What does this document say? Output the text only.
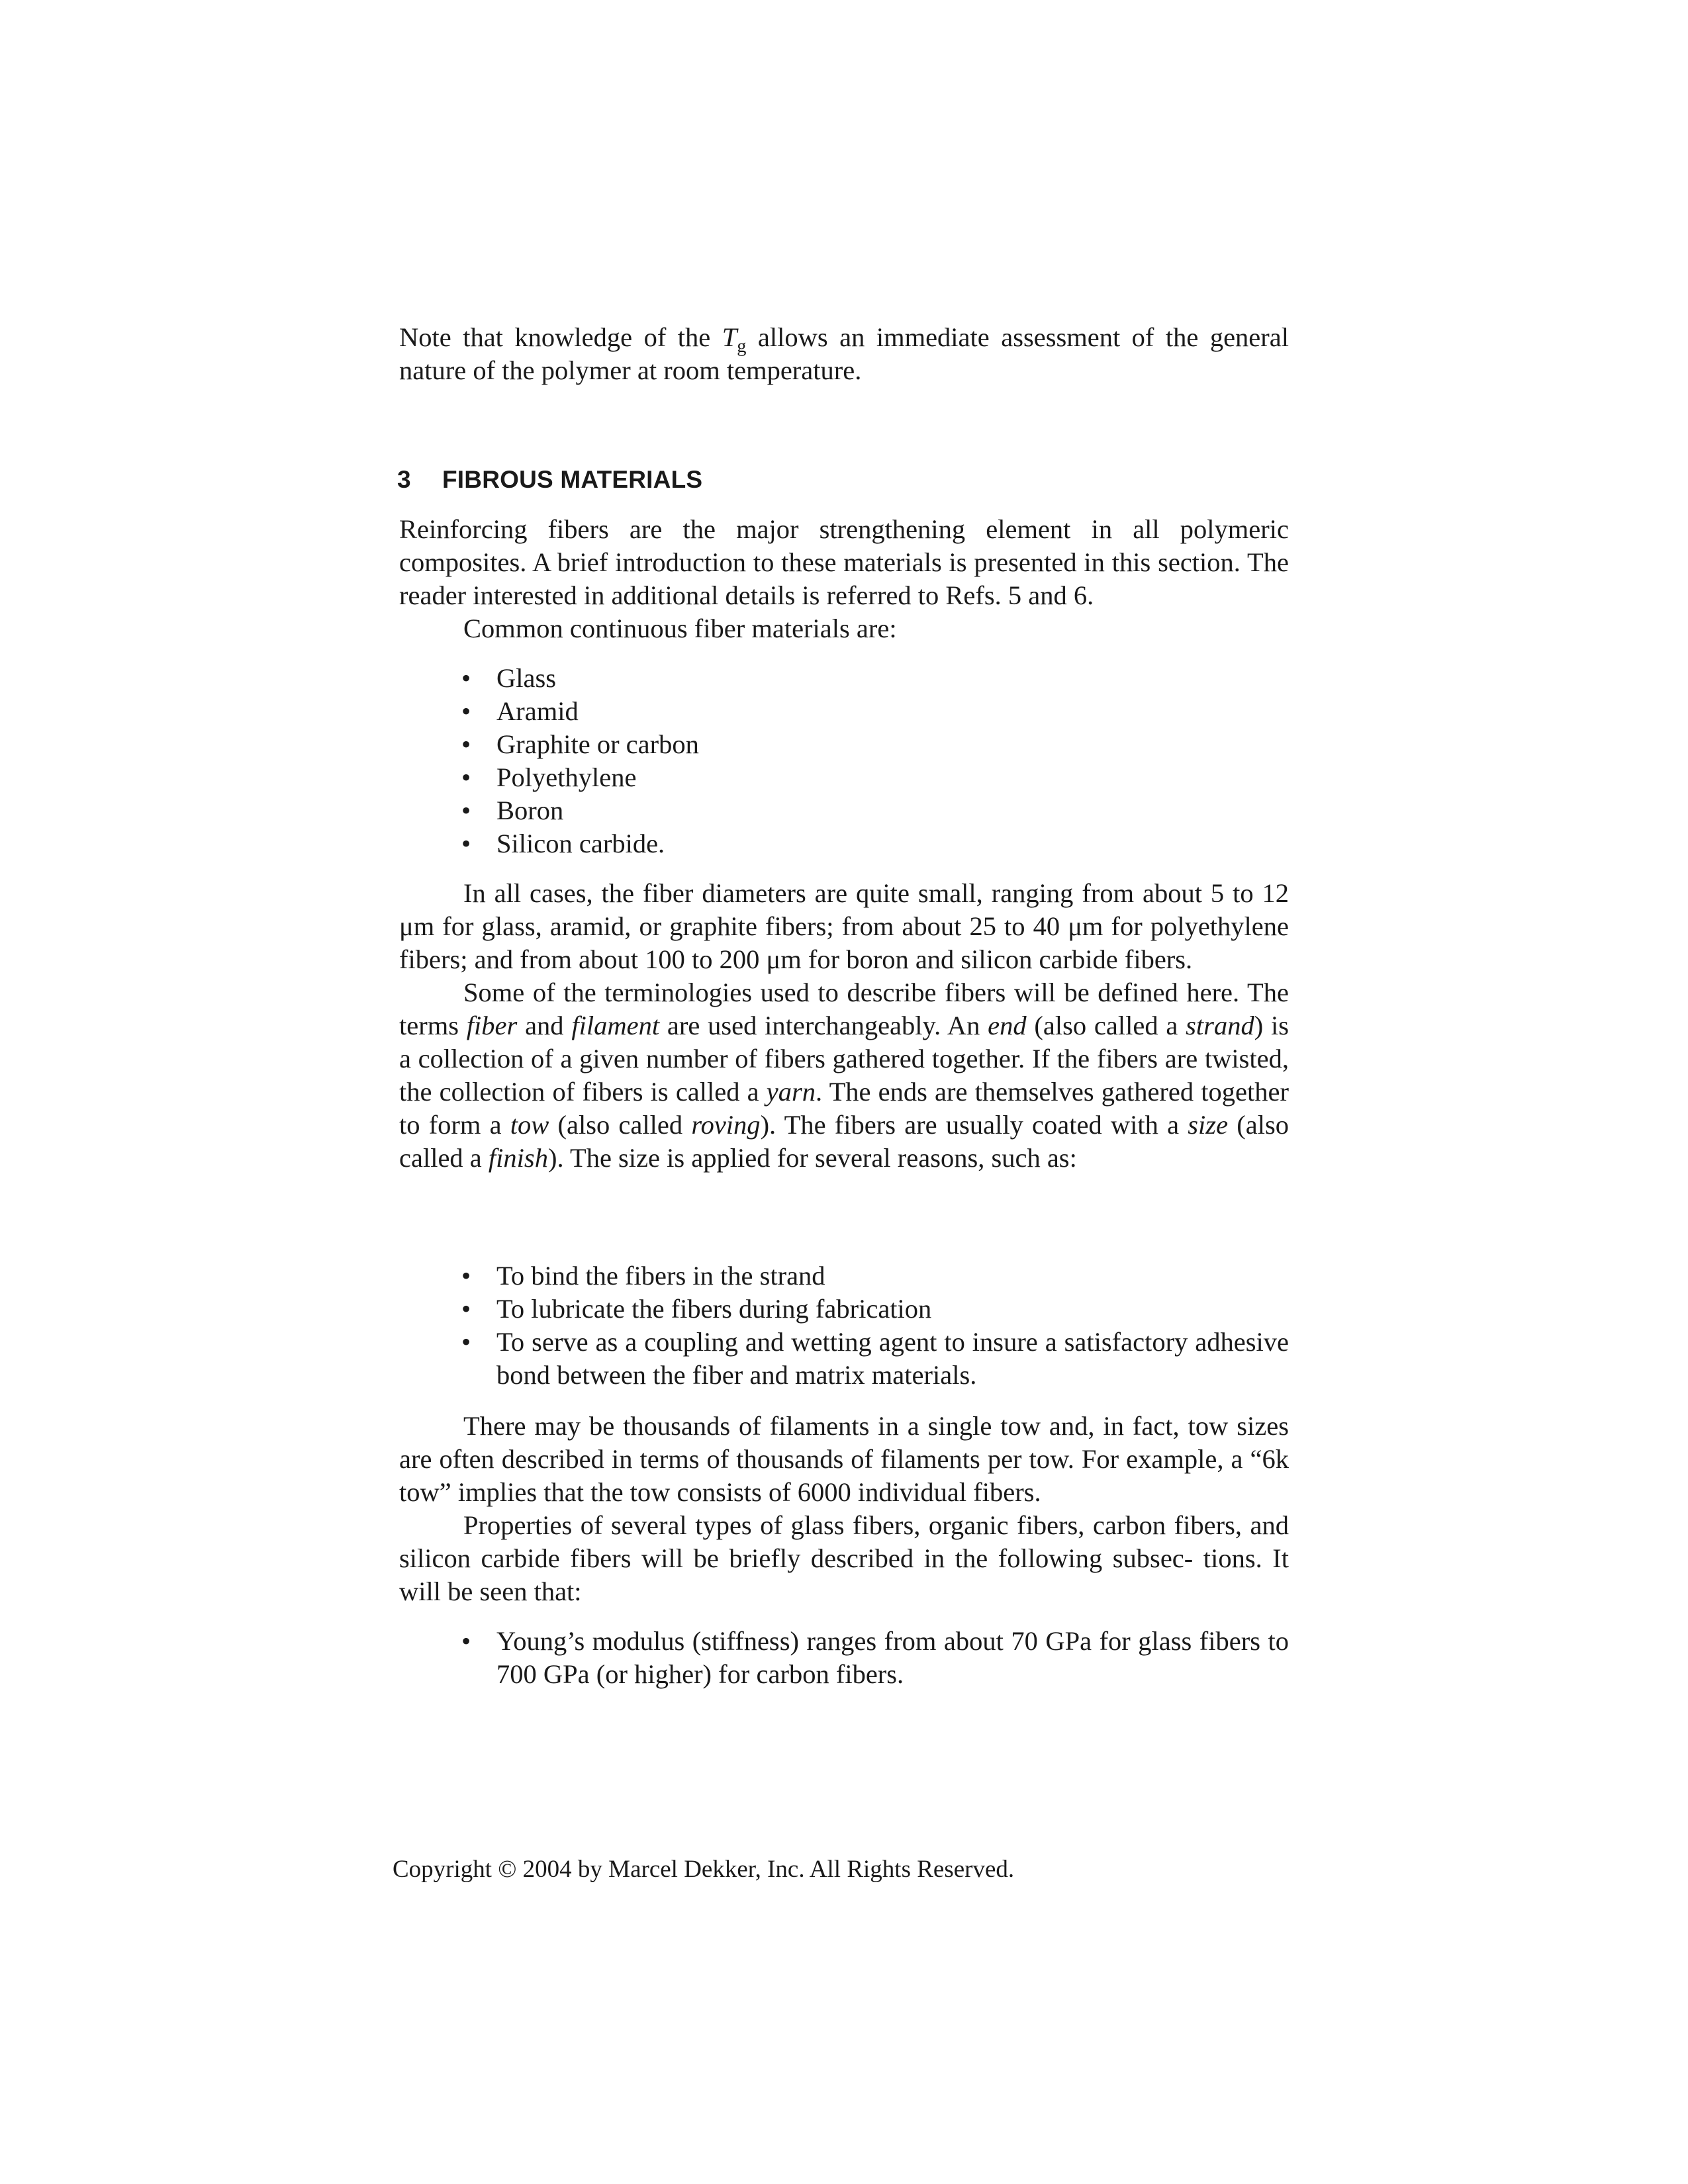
Note that knowledge of the $T_g$ allows an immediate assessment of the general nature of the polymer at room temperature.

3 FIBROUS MATERIALS

Reinforcing fibers are the major strengthening element in all polymeric composites. A brief introduction to these materials is presented in this section. The reader interested in additional details is referred to Refs. 5 and 6.

Common continuous fiber materials are:

• Glass
• Aramid
• Graphite or carbon
• Polyethylene
• Boron
• Silicon carbide.

In all cases, the fiber diameters are quite small, ranging from about 5 to 12 μm for glass, aramid, or graphite fibers; from about 25 to 40 μm for polyethylene fibers; and from about 100 to 200 μm for boron and silicon carbide fibers.

Some of the terminologies used to describe fibers will be defined here. The terms fiber and filament are used interchangeably. An end (also called a strand) is a collection of a given number of fibers gathered together. If the fibers are twisted, the collection of fibers is called a yarn. The ends are themselves gathered together to form a tow (also called roving). The fibers are usually coated with a size (also called a finish). The size is applied for several reasons, such as:

• To bind the fibers in the strand
• To lubricate the fibers during fabrication
• To serve as a coupling and wetting agent to insure a satisfactory adhesive bond between the fiber and matrix materials.

There may be thousands of filaments in a single tow and, in fact, tow sizes are often described in terms of thousands of filaments per tow. For example, a “6k tow” implies that the tow consists of 6000 individual fibers.

Properties of several types of glass fibers, organic fibers, carbon fibers, and silicon carbide fibers will be briefly described in the following subsec- tions. It will be seen that:

• Young’s modulus (stiffness) ranges from about 70 GPa for glass fibers to 700 GPa (or higher) for carbon fibers.
Copyright © 2004 by Marcel Dekker, Inc. All Rights Reserved.
